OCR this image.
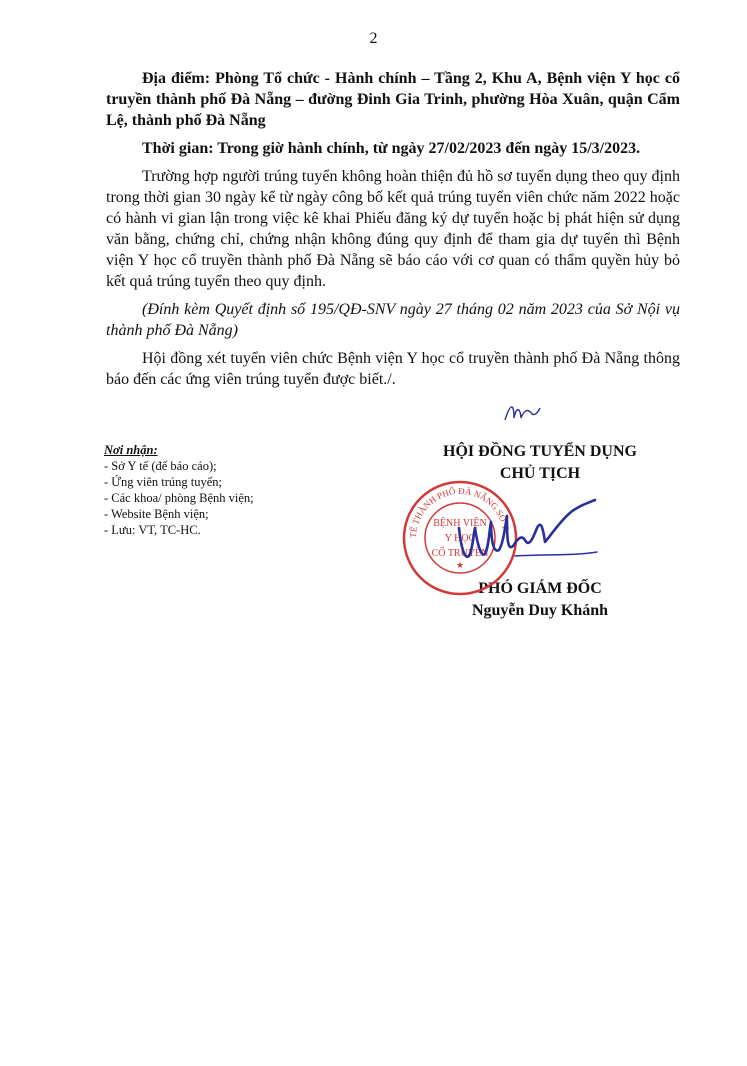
2

Địa điểm: Phòng Tổ chức - Hành chính – Tầng 2, Khu A, Bệnh viện Y học cổ truyền thành phố Đà Nẵng – đường Đinh Gia Trinh, phường Hòa Xuân, quận Cẩm Lệ, thành phố Đà Nẵng

Thời gian: Trong giờ hành chính, từ ngày 27/02/2023 đến ngày 15/3/2023.

Trường hợp người trúng tuyển không hoàn thiện đủ hồ sơ tuyển dụng theo quy định trong thời gian 30 ngày kể từ ngày công bố kết quả trúng tuyển viên chức năm 2022 hoặc có hành vi gian lận trong việc kê khai Phiếu đăng ký dự tuyển hoặc bị phát hiện sử dụng văn bằng, chứng chỉ, chứng nhận không đúng quy định để tham gia dự tuyển thì Bệnh viện Y học cổ truyền thành phố Đà Nẵng sẽ báo cáo với cơ quan có thẩm quyền hủy bỏ kết quả trúng tuyển theo quy định.

(Đính kèm Quyết định số 195/QĐ-SNV ngày 27 tháng 02 năm 2023 của Sở Nội vụ thành phố Đà Nẵng)

Hội đồng xét tuyển viên chức Bệnh viện Y học cổ truyền thành phố Đà Nẵng thông báo đến các ứng viên trúng tuyển được biết./.

Nơi nhận:
- Sở Y tế (để báo cáo);
- Ứng viên trúng tuyển;
- Các khoa/ phòng Bệnh viện;
- Website Bệnh viện;
- Lưu: VT, TC-HC.
HỘI ĐỒNG TUYỂN DỤNG
CHỦ TỊCH
PHÓ GIÁM ĐỐC
Nguyễn Duy Khánh
TẾ THÀNH PHỐ ĐÀ NẴNG SỞ Y
BỆNH VIỆN
Y HỌC
CỔ TRUYỀN
★
